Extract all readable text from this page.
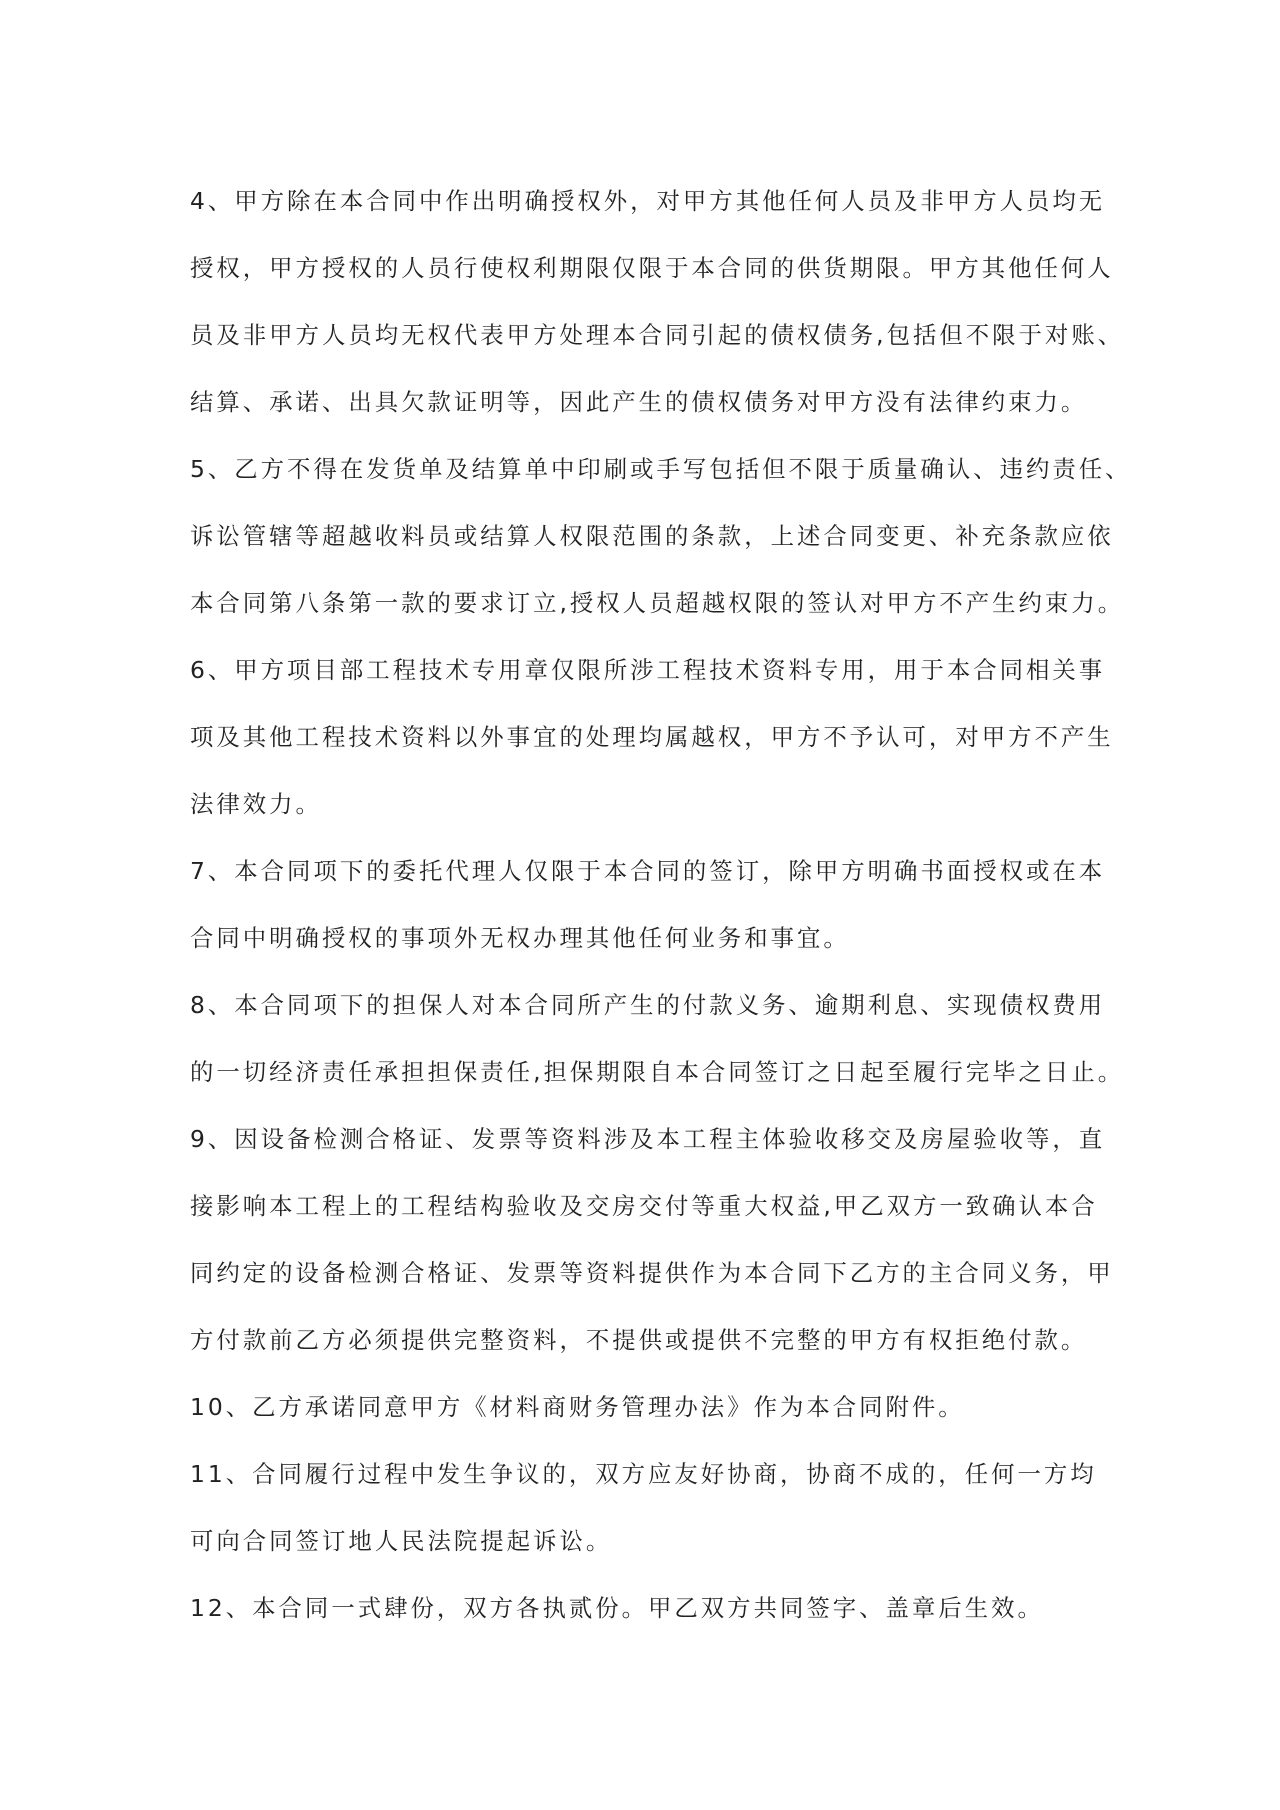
4、甲方除在本合同中作出明确授权外，对甲方其他任何人员及非甲方人员均无
授权，甲方授权的人员行使权利期限仅限于本合同的供货期限。甲方其他任何人
员及非甲方人员均无权代表甲方处理本合同引起的债权债务,包括但不限于对账、
结算、承诺、出具欠款证明等，因此产生的债权债务对甲方没有法律约束力。
5、乙方不得在发货单及结算单中印刷或手写包括但不限于质量确认、违约责任、
诉讼管辖等超越收料员或结算人权限范围的条款，上述合同变更、补充条款应依
本合同第八条第一款的要求订立,授权人员超越权限的签认对甲方不产生约束力。
6、甲方项目部工程技术专用章仅限所涉工程技术资料专用，用于本合同相关事
项及其他工程技术资料以外事宜的处理均属越权，甲方不予认可，对甲方不产生
法律效力。
7、本合同项下的委托代理人仅限于本合同的签订，除甲方明确书面授权或在本
合同中明确授权的事项外无权办理其他任何业务和事宜。
8、本合同项下的担保人对本合同所产生的付款义务、逾期利息、实现债权费用
的一切经济责任承担担保责任,担保期限自本合同签订之日起至履行完毕之日止。
9、因设备检测合格证、发票等资料涉及本工程主体验收移交及房屋验收等，直
接影响本工程上的工程结构验收及交房交付等重大权益,甲乙双方一致确认本合
同约定的设备检测合格证、发票等资料提供作为本合同下乙方的主合同义务，甲
方付款前乙方必须提供完整资料，不提供或提供不完整的甲方有权拒绝付款。
10、乙方承诺同意甲方《材料商财务管理办法》作为本合同附件。
11、合同履行过程中发生争议的，双方应友好协商，协商不成的，任何一方均
可向合同签订地人民法院提起诉讼。
12、本合同一式肆份，双方各执贰份。甲乙双方共同签字、盖章后生效。
